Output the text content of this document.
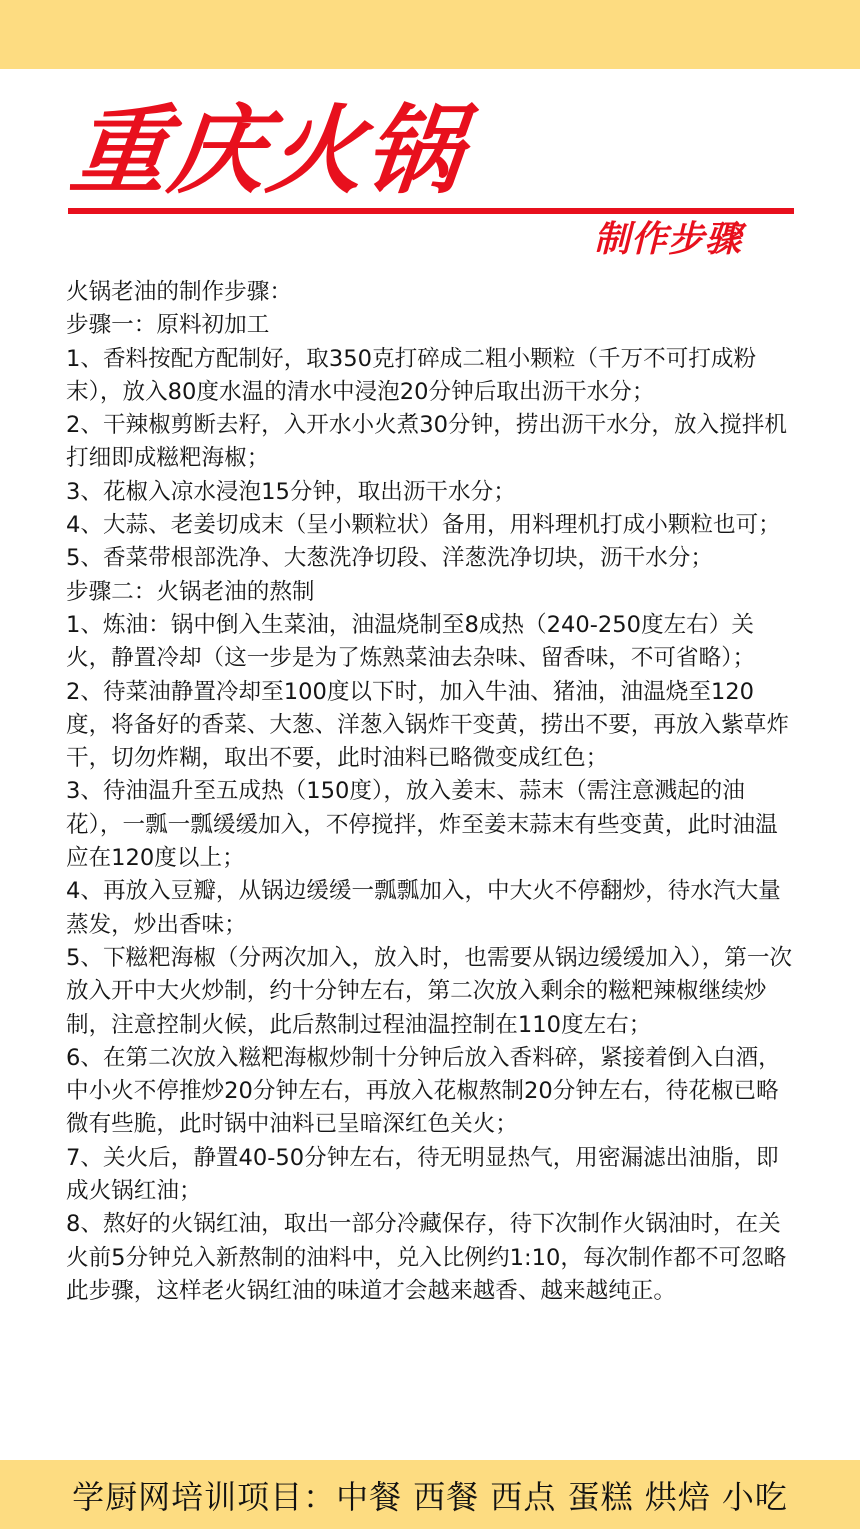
重庆火锅
制作步骤

火锅老油的制作步骤：

步骤一：原料初加工

1、香料按配方配制好，取350克打碎成二粗小颗粒（千万不可打成粉末），放入80度水温的清水中浸泡20分钟后取出沥干水分；

2、干辣椒剪断去籽，入开水小火煮30分钟，捞出沥干水分，放入搅拌机打细即成糍粑海椒；

3、花椒入凉水浸泡15分钟，取出沥干水分；

4、大蒜、老姜切成末（呈小颗粒状）备用，用料理机打成小颗粒也可；

5、香菜带根部洗净、大葱洗净切段、洋葱洗净切块，沥干水分；

步骤二：火锅老油的熬制

1、炼油：锅中倒入生菜油，油温烧制至8成热（240-250度左右）关火，静置冷却（这一步是为了炼熟菜油去杂味、留香味，不可省略）；

2、待菜油静置冷却至100度以下时，加入牛油、猪油，油温烧至120度，将备好的香菜、大葱、洋葱入锅炸干变黄，捞出不要，再放入紫草炸干，切勿炸糊，取出不要，此时油料已略微变成红色；

3、待油温升至五成热（150度），放入姜末、蒜末（需注意溅起的油花），一瓢一瓢缓缓加入，不停搅拌，炸至姜末蒜末有些变黄，此时油温应在120度以上；

4、再放入豆瓣，从锅边缓缓一瓢瓢加入，中大火不停翻炒，待水汽大量蒸发，炒出香味；

5、下糍粑海椒（分两次加入，放入时，也需要从锅边缓缓加入），第一次放入开中大火炒制，约十分钟左右，第二次放入剩余的糍粑辣椒继续炒制，注意控制火候，此后熬制过程油温控制在110度左右；

6、在第二次放入糍粑海椒炒制十分钟后放入香料碎，紧接着倒入白酒，中小火不停推炒20分钟左右，再放入花椒熬制20分钟左右，待花椒已略微有些脆，此时锅中油料已呈暗深红色关火；

7、关火后，静置40-50分钟左右，待无明显热气，用密漏滤出油脂，即成火锅红油；

8、熬好的火锅红油，取出一部分冷藏保存，待下次制作火锅油时，在关火前5分钟兑入新熬制的油料中，兑入比例约1:10，每次制作都不可忽略此步骤，这样老火锅红油的味道才会越来越香、越来越纯正。

学厨网培训项目：中餐 西餐 西点 蛋糕 烘焙 小吃
